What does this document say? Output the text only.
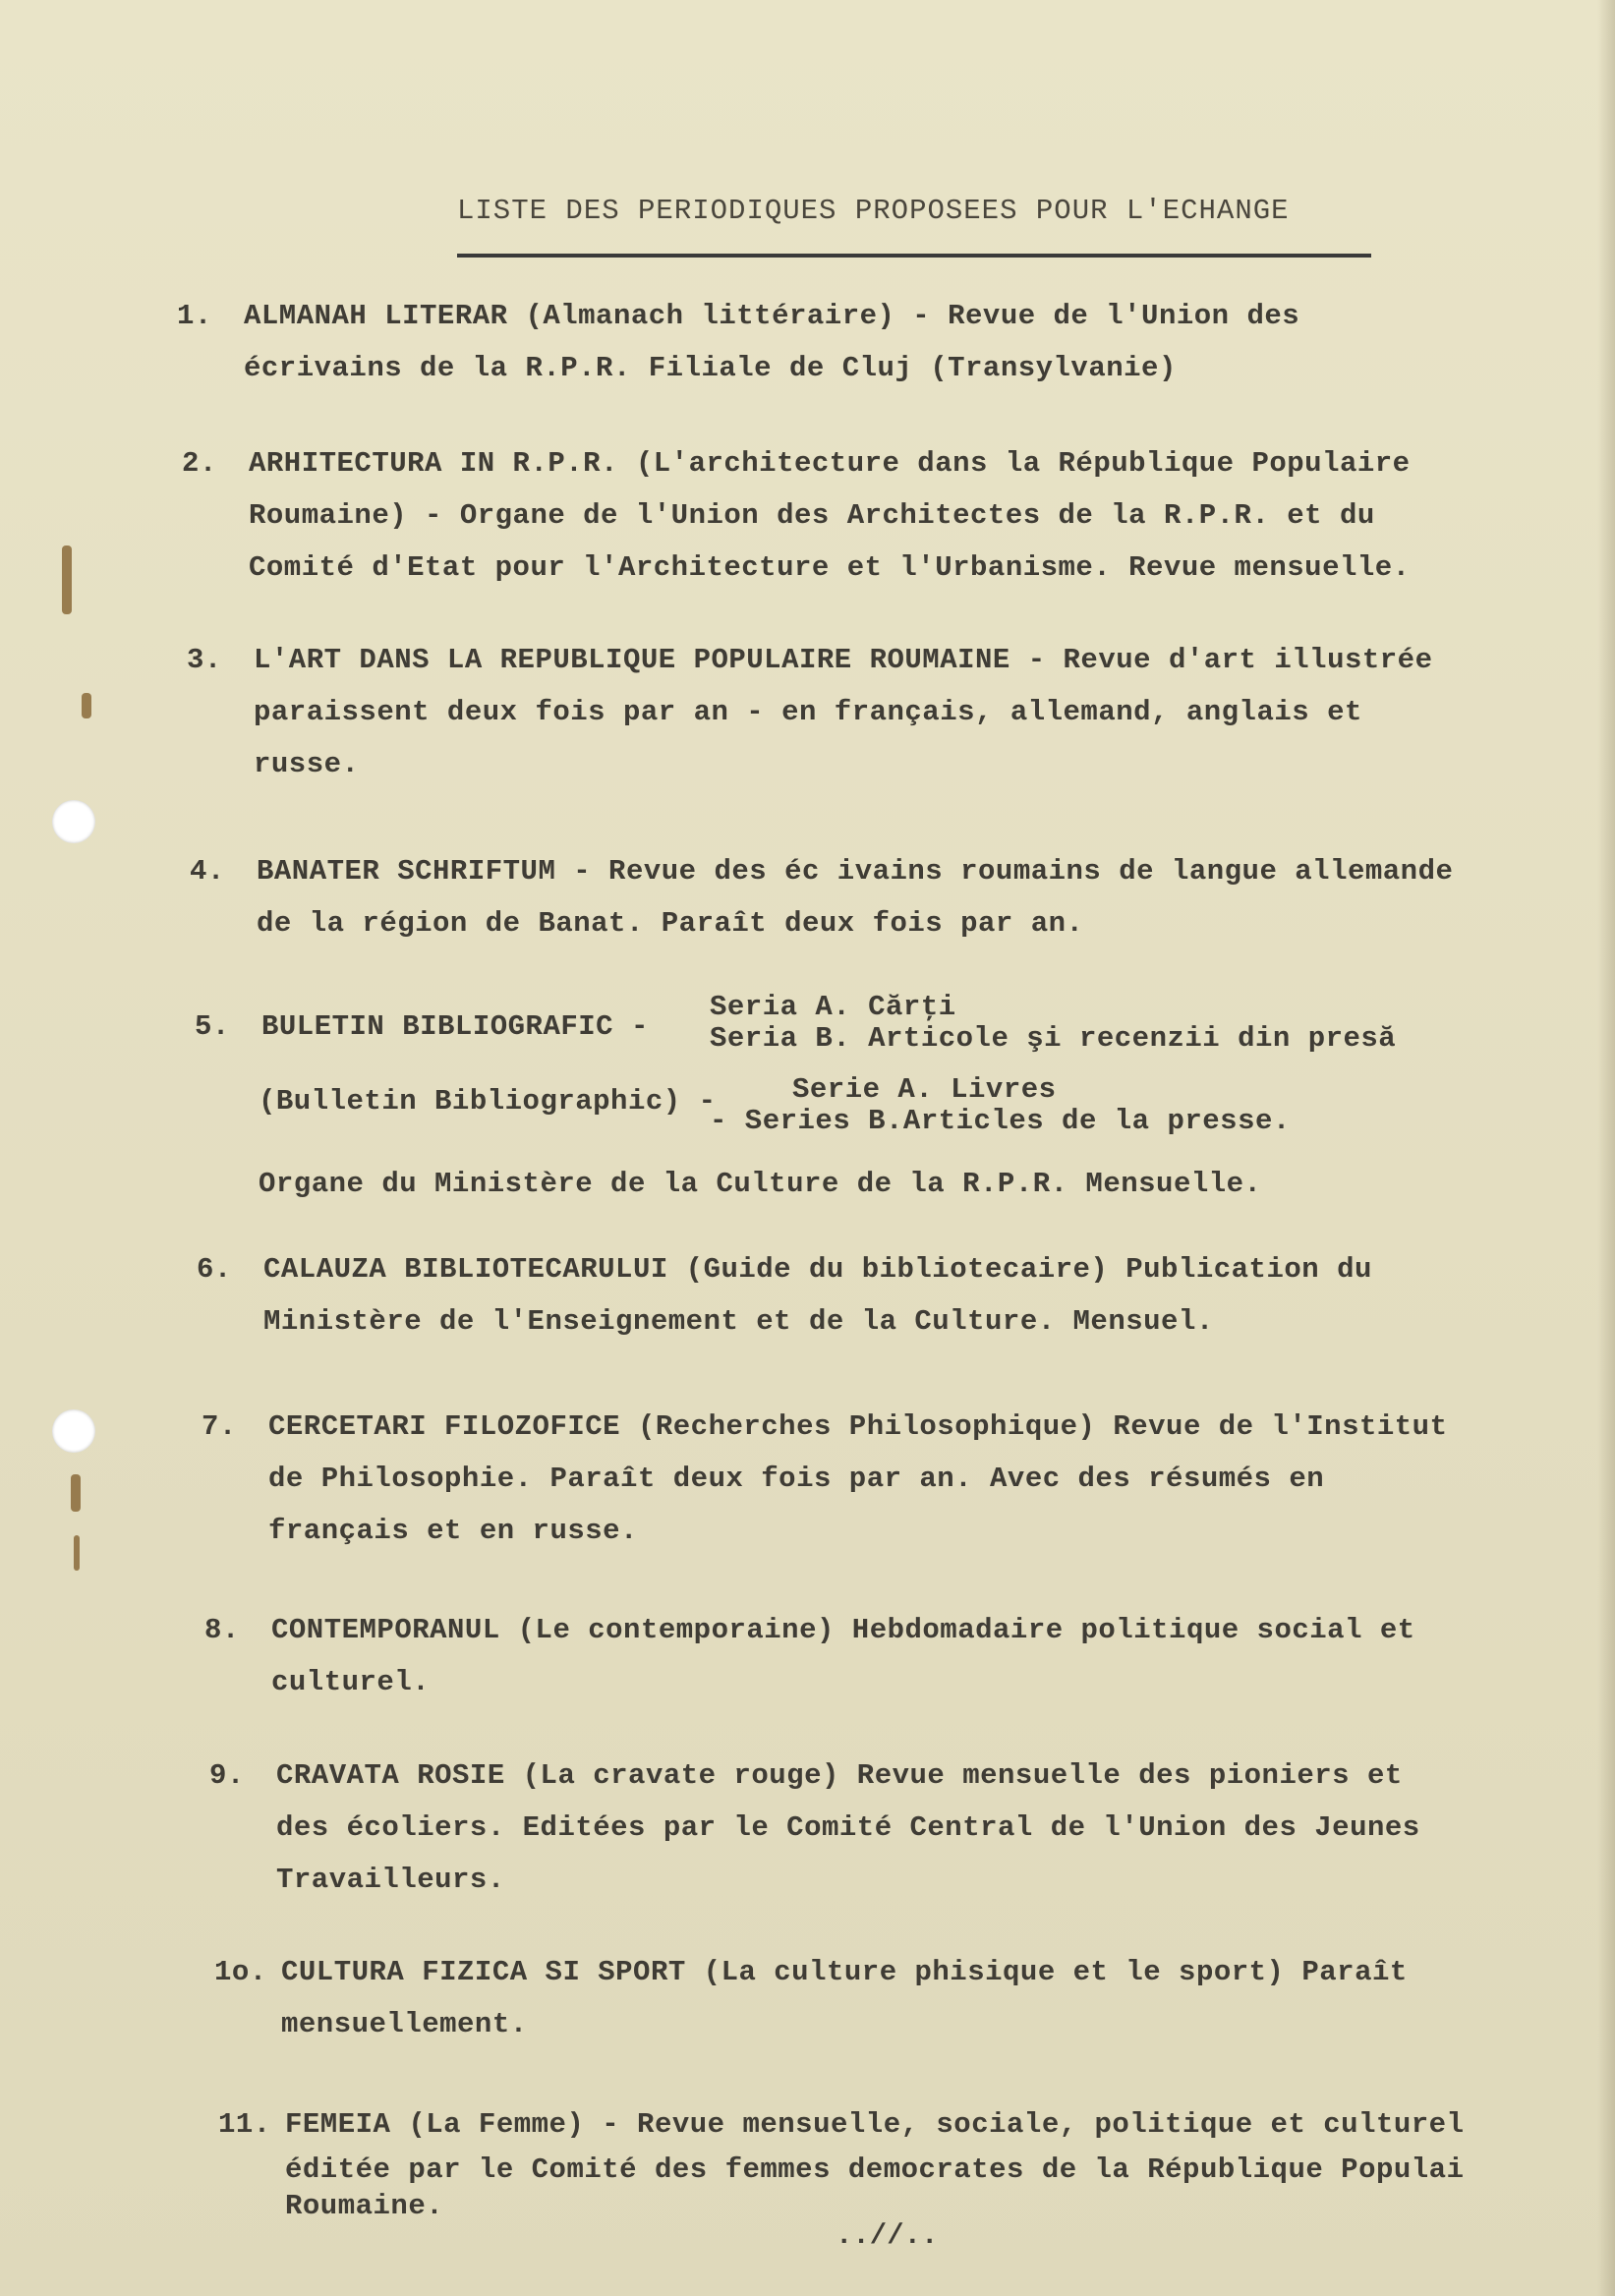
LISTE DES PERIODIQUES PROPOSEES POUR L'ECHANGE
1. ALMANAH LITERAR (Almanach littéraire) - Revue de l'Union des
écrivains de la R.P.R. Filiale de Cluj (Transylvanie)
2. ARHITECTURA IN R.P.R. (L'architecture dans la République Populaire
Roumaine) - Organe de l'Union des Architectes de la R.P.R. et du
Comité d'Etat pour l'Architecture et l'Urbanisme. Revue mensuelle.
3. L'ART DANS LA REPUBLIQUE POPULAIRE ROUMAINE - Revue d'art illustrée
paraissent deux fois par an - en français, allemand, anglais et
russe.
4. BANATER SCHRIFTUM - Revue des éc ivains roumains de langue allemande
de la région de Banat. Paraît deux fois par an.
5. BULETIN BIBLIOGRAFIC -
Seria A. Cărţi
Seria B. Articole şi recenzii din presă
(Bulletin Bibliographic) -	Serie A. Livres
- Series B.Articles de la presse.
Organe du Ministère de la Culture de la R.P.R. Mensuelle.
6. CALAUZA BIBLIOTECARULUI (Guide du bibliotecaire) Publication du
Ministère de l'Enseignement et de la Culture. Mensuel.
7. CERCETARI FILOZOFICE (Recherches Philosophique) Revue de l'Institut
de Philosophie. Paraît deux fois par an. Avec des résumés en
français et en russe.
8. CONTEMPORANUL (Le contemporaine) Hebdomadaire politique social et
culturel.
9. CRAVATA ROSIE (La cravate rouge) Revue mensuelle des pioniers et
des écoliers. Editées par le Comité Central de l'Union des Jeunes
Travailleurs.
1o. CULTURA FIZICA SI SPORT (La culture phisique et le sport) Paraît
mensuellement.
11. FEMEIA (La Femme) - Revue mensuelle, sociale, politique et culturel
éditée par le Comité des femmes democrates de la République Populai
Roumaine.
..//..
